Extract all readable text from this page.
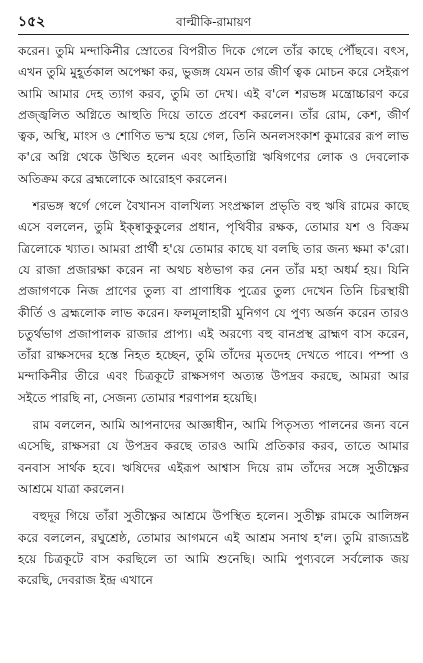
১৫২	বাল্মীকি-রামায়ণ

করেন। তুমি মন্দাকিনীর স্রোতের বিপরীত দিকে গেলে তাঁর কাছে পৌঁছবে। বৎস, এখন তুমি মুহূর্তকাল অপেক্ষা কর, ভুজঙ্গ যেমন তার জীর্ণ ত্বক মোচন করে সেইরূপ আমি আমার দেহ ত্যাগ করব, তুমি তা দেখ। এই ব'লে শরভঙ্গ মন্ত্রোচ্চারণ করে প্রজ্জ্বলিত অগ্নিতে আহুতি দিয়ে তাতে প্রবেশ করলেন। তাঁর রোম, কেশ, জীর্ণ ত্বক, অস্থি, মাংস ও শোণিত ভস্ম হয়ে গেল, তিনি অনলসংকাশ কুমারের রূপ লাভ ক'রে অগ্নি থেকে উত্থিত হলেন এবং আহিতাগ্নি ঋষিগণের লোক ও দেবলোক অতিক্রম করে ব্রহ্মলোকে আরোহণ করলেন।

শরভঙ্গ স্বর্গে গেলে বৈখানস বালখিল্য সংপ্রক্ষাল প্রভৃতি বহু ঋষি রামের কাছে এসে বললেন, তুমি ইক্ষ্বাকুকুলের প্রধান, পৃথিবীর রক্ষক, তোমার যশ ও বিক্রম ত্রিলোকে খ্যাত। আমরা প্রার্থী হ'য়ে তোমার কাছে যা বলছি তার জন্য ক্ষমা ক'রো। যে রাজা প্রজারক্ষা করেন না অথচ ষষ্ঠভাগ কর নেন তাঁর মহা অধর্ম হয়। যিনি প্রজাগণকে নিজ প্রাণের তুল্য বা প্রাণাধিক পুত্রের তুল্য দেখেন তিনি চিরস্থায়ী কীর্তি ও ব্রহ্মলোক লাভ করেন। ফলমূলাহারী মুনিগণ যে পুণ্য অর্জন করেন তারও চতুর্থভাগ প্রজাপালক রাজার প্রাপ্য। এই অরণ্যে বহু বানপ্রস্থ ব্রাহ্মণ বাস করেন, তাঁরা রাক্ষসদের হস্তে নিহত হচ্ছেন, তুমি তাঁদের মৃতদেহ দেখতে পাবে। পম্পা ও মন্দাকিনীর তীরে এবং চিত্রকূটে রাক্ষসগণ অত্যন্ত উপদ্রব করছে, আমরা আর সইতে পারছি না, সেজন্য তোমার শরণাপন্ন হয়েছি।

রাম বললেন, আমি আপনাদের আজ্ঞাধীন, আমি পিতৃসত্য পালনের জন্য বনে এসেছি, রাক্ষসরা যে উপদ্রব করছে তারও আমি প্রতিকার করব, তাতে আমার বনবাস সার্থক হবে। ঋষিদের এইরূপ আশ্বাস দিয়ে রাম তাঁদের সঙ্গে সুতীক্ষ্ণের আশ্রমে যাত্রা করলেন।

বহুদূর গিয়ে তাঁরা সুতীক্ষ্ণের আশ্রমে উপস্থিত হলেন। সুতীক্ষ্ণ রামকে আলিঙ্গন করে বললেন, রঘুশ্রেষ্ঠ, তোমার আগমনে এই আশ্রম সনাথ হ'ল। তুমি রাজ্যভ্রষ্ট হয়ে চিত্রকূটে বাস করছিলে তা আমি শুনেছি। আমি পুণ্যবলে সর্বলোক জয় করেছি, দেবরাজ ইন্দ্র এখানে
